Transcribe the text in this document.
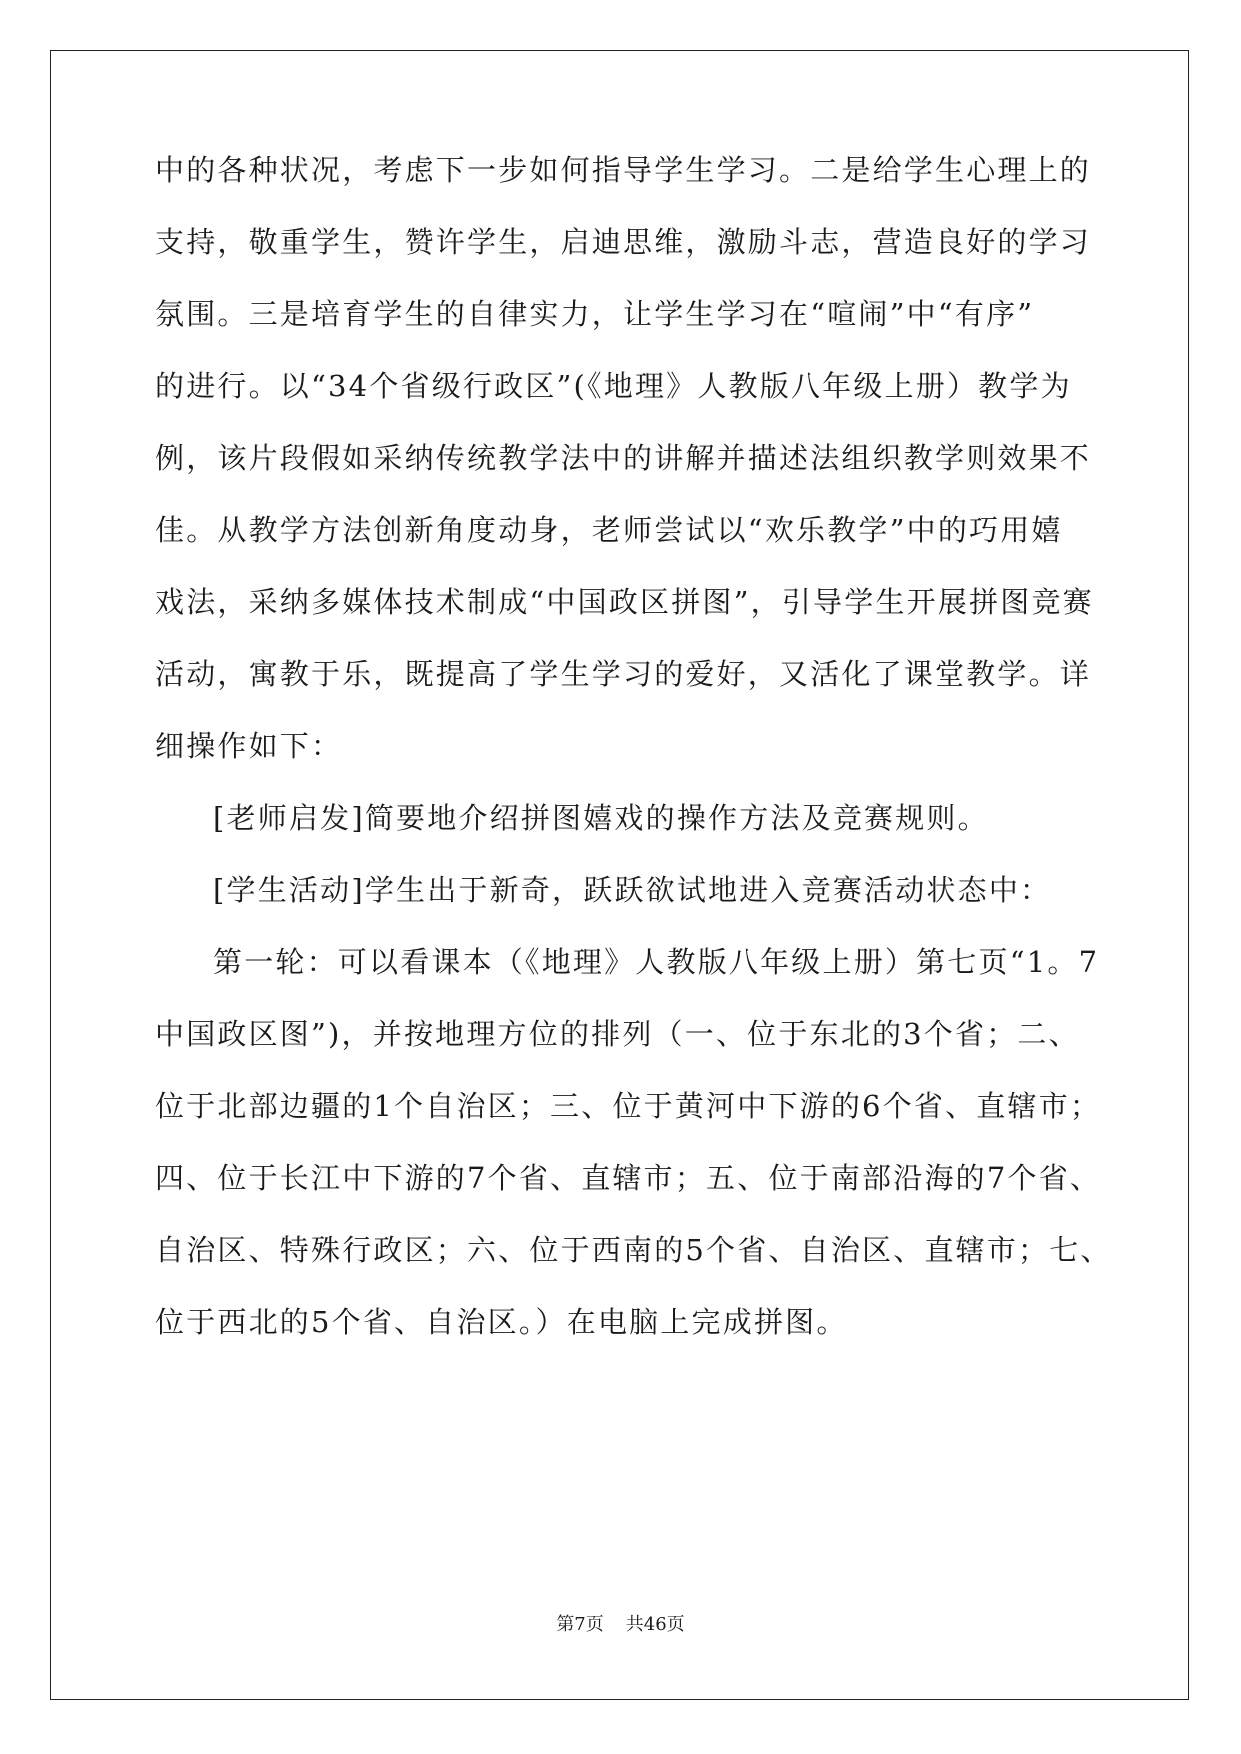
中的各种状况，考虑下一步如何指导学生学习。二是给学生心理上的
支持，敬重学生，赞许学生，启迪思维，激励斗志，营造良好的学习
氛围。三是培育学生的自律实力，让学生学习在“喧闹”中“有序”
的进行。以“34个省级行政区”(《地理》人教版八年级上册）教学为
例，该片段假如采纳传统教学法中的讲解并描述法组织教学则效果不
佳。从教学方法创新角度动身，老师尝试以“欢乐教学”中的巧用嬉
戏法，采纳多媒体技术制成“中国政区拼图”，引导学生开展拼图竞赛
活动，寓教于乐，既提高了学生学习的爱好，又活化了课堂教学。详
细操作如下：
[老师启发]简要地介绍拼图嬉戏的操作方法及竞赛规则。
[学生活动]学生出于新奇，跃跃欲试地进入竞赛活动状态中：
第一轮：可以看课本（《地理》人教版八年级上册）第七页“1。7
中国政区图”)，并按地理方位的排列（一、位于东北的3个省；二、
位于北部边疆的1个自治区；三、位于黄河中下游的6个省、直辖市；
四、位于长江中下游的7个省、直辖市；五、位于南部沿海的7个省、
自治区、特殊行政区；六、位于西南的5个省、自治区、直辖市；七、
位于西北的5个省、自治区。）在电脑上完成拼图。
第7页 共46页
